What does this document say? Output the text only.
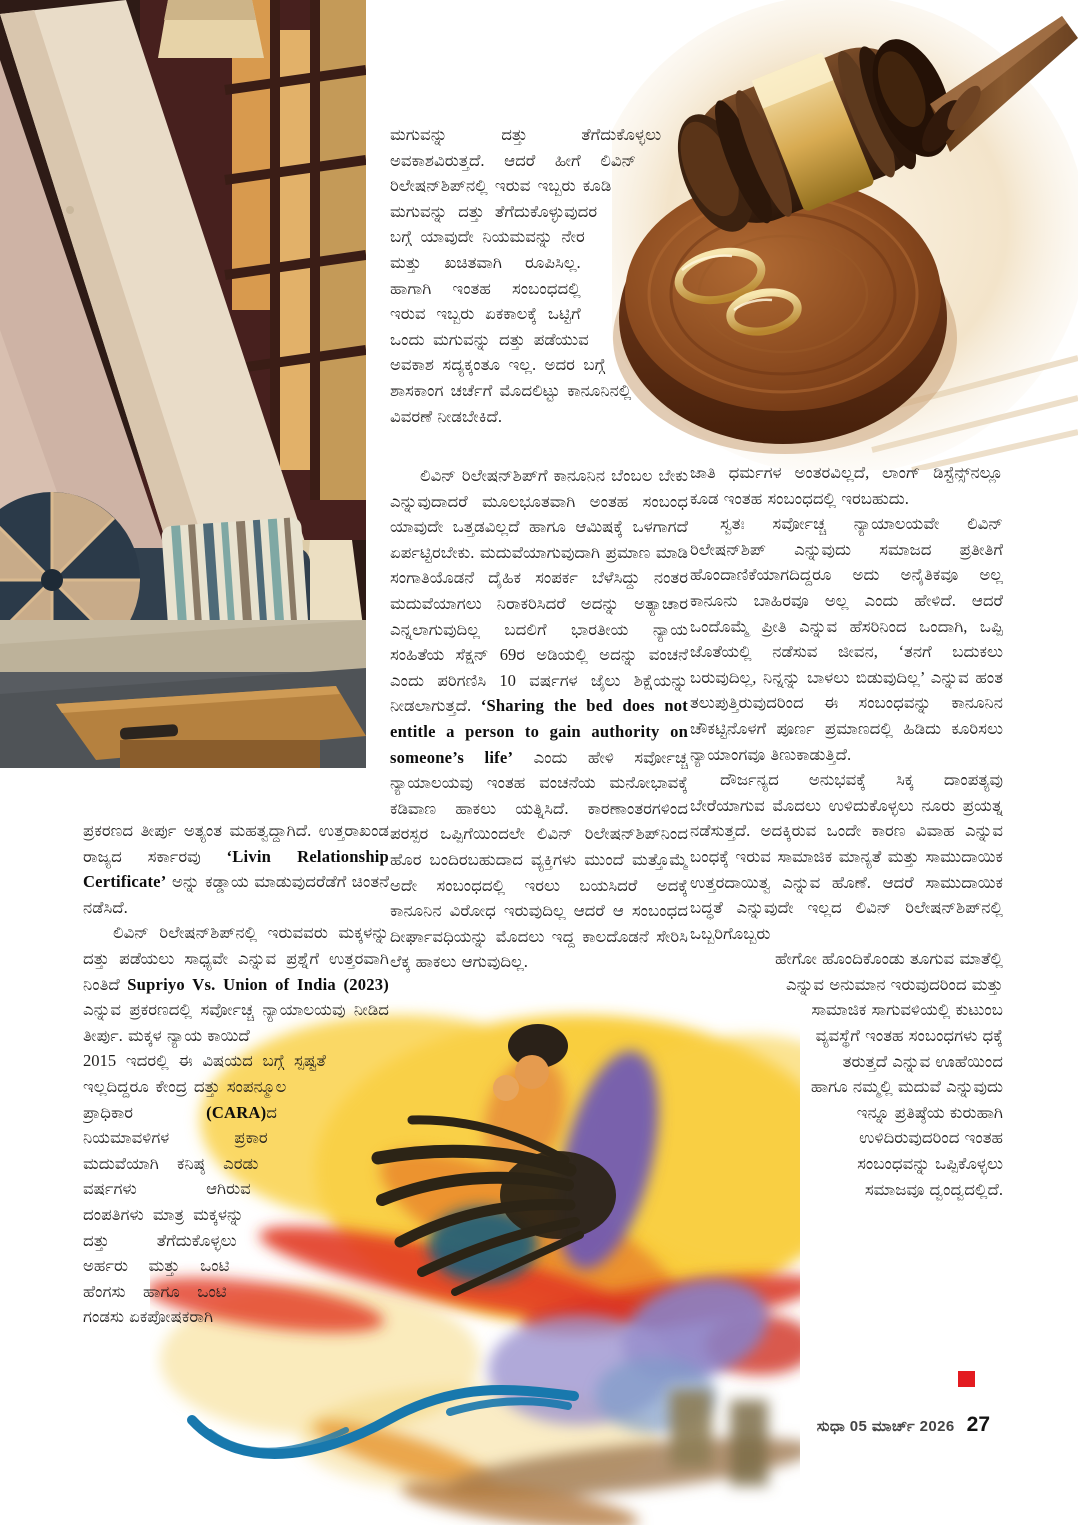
ಮಗುವನ್ನು ದತ್ತು ತೆಗೆದುಕೊಳ್ಳಲು ಅವಕಾಶವಿರುತ್ತದೆ. ಆದರೆ ಹೀಗೆ ಲಿವಿನ್ ರಿಲೇಷನ್‌ಶಿಪ್‌ನಲ್ಲಿ ಇರುವ ಇಬ್ಬರು ಕೂಡಿ ಮಗುವನ್ನು ದತ್ತು ತೆಗೆದುಕೊಳ್ಳುವುದರ ಬಗ್ಗೆ ಯಾವುದೇ ನಿಯಮವನ್ನು ನೇರ ಮತ್ತು ಖಚಿತವಾಗಿ ರೂಪಿಸಿಲ್ಲ. ಹಾಗಾಗಿ ಇಂತಹ ಸಂಬಂಧದಲ್ಲಿ ಇರುವ ಇಬ್ಬರು ಏಕಕಾಲಕ್ಕೆ ಒಟ್ಟಿಗೆ ಒಂದು ಮಗುವನ್ನು ದತ್ತು ಪಡೆಯುವ ಅವಕಾಶ ಸದ್ಯಕ್ಕಂತೂ ಇಲ್ಲ. ಅದರ ಬಗ್ಗೆ ಶಾಸಕಾಂಗ ಚರ್ಚೆಗೆ ಮೊದಲಿಟ್ಟು ಕಾನೂನಿನಲ್ಲಿ ವಿವರಣೆ ನೀಡಬೇಕಿದೆ.

ಲಿವಿನ್ ರಿಲೇಷನ್‌ಶಿಪ್‌ಗೆ ಕಾನೂನಿನ ಬೆಂಬಲ ಬೇಕು ಎನ್ನುವುದಾದರೆ ಮೂಲಭೂತವಾಗಿ ಅಂತಹ ಸಂಬಂಧ ಯಾವುದೇ ಒತ್ತಡವಿಲ್ಲದೆ ಹಾಗೂ ಆಮಿಷಕ್ಕೆ ಒಳಗಾಗದೆ ಏರ್ಪಟ್ಟಿರಬೇಕು. ಮದುವೆಯಾಗುವುದಾಗಿ ಪ್ರಮಾಣ ಮಾಡಿ ಸಂಗಾತಿಯೊಡನೆ ದೈಹಿಕ ಸಂಪರ್ಕ ಬೆಳೆಸಿದ್ದು ನಂತರ ಮದುವೆಯಾಗಲು ನಿರಾಕರಿಸಿದರೆ ಅದನ್ನು ಅತ್ಯಾಚಾರ ಎನ್ನಲಾಗುವುದಿಲ್ಲ ಬದಲಿಗೆ ಭಾರತೀಯ ನ್ಯಾಯ ಸಂಹಿತೆಯ ಸೆಕ್ಷನ್ 69ರ ಅಡಿಯಲ್ಲಿ ಅದನ್ನು ವಂಚನೆ ಎಂದು ಪರಿಗಣಿಸಿ 10 ವರ್ಷಗಳ ಜೈಲು ಶಿಕ್ಷೆಯನ್ನು ನೀಡಲಾಗುತ್ತದೆ. ‘Sharing the bed does not entitle a person to gain authority on someone’s life’ ಎಂದು ಹೇಳಿ ಸರ್ವೋಚ್ಚ ನ್ಯಾಯಾಲಯವು ಇಂತಹ ವಂಚನೆಯ ಮನೋಭಾವಕ್ಕೆ ಕಡಿವಾಣ ಹಾಕಲು ಯತ್ನಿಸಿದೆ. ಕಾರಣಾಂತರಗಳಿಂದ ಪರಸ್ಪರ ಒಪ್ಪಿಗೆಯಿಂದಲೇ ಲಿವಿನ್ ರಿಲೇಷನ್‌ಶಿಪ್‌ನಿಂದ ಹೊರ ಬಂದಿರಬಹುದಾದ ವ್ಯಕ್ತಿಗಳು ಮುಂದೆ ಮತ್ತೊಮ್ಮೆ ಅದೇ ಸಂಬಂಧದಲ್ಲಿ ಇರಲು ಬಯಸಿದರೆ ಅದಕ್ಕೆ ಕಾನೂನಿನ ವಿರೋಧ ಇರುವುದಿಲ್ಲ ಆದರೆ ಆ ಸಂಬಂಧದ ದೀರ್ಘಾವಧಿಯನ್ನು ಮೊದಲು ಇದ್ದ ಕಾಲದೊಡನೆ ಸೇರಿಸಿ ಲೆಕ್ಕ ಹಾಕಲು ಆಗುವುದಿಲ್ಲ.

ಜಾತಿ ಧರ್ಮಗಳ ಅಂತರವಿಲ್ಲದೆ, ಲಾಂಗ್ ಡಿಸ್ಟೆನ್ಸ್‌ನಲ್ಲೂ ಕೂಡ ಇಂತಹ ಸಂಬಂಧದಲ್ಲಿ ಇರಬಹುದು.

ಸ್ವತಃ ಸರ್ವೋಚ್ಚ ನ್ಯಾಯಾಲಯವೇ ಲಿವಿನ್ ರಿಲೇಷನ್‌ಶಿಪ್ ಎನ್ನುವುದು ಸಮಾಜದ ಪ್ರತೀತಿಗೆ ಹೊಂದಾಣಿಕೆಯಾಗದಿದ್ದರೂ ಅದು ಅನೈತಿಕವೂ ಅಲ್ಲ ಕಾನೂನು ಬಾಹಿರವೂ ಅಲ್ಲ ಎಂದು ಹೇಳಿದೆ. ಆದರೆ ಒಂದೊಮ್ಮೆ ಪ್ರೀತಿ ಎನ್ನುವ ಹೆಸರಿನಿಂದ ಒಂದಾಗಿ, ಒಪ್ಪಿ ಜೊತೆಯಲ್ಲಿ ನಡೆಸುವ ಜೀವನ, ‘ತನಗೆ ಬದುಕಲು ಬರುವುದಿಲ್ಲ, ನಿನ್ನನ್ನು ಬಾಳಲು ಬಿಡುವುದಿಲ್ಲ’ ಎನ್ನುವ ಹಂತ ತಲುಪುತ್ತಿರುವುದರಿಂದ ಈ ಸಂಬಂಧವನ್ನು ಕಾನೂನಿನ ಚೌಕಟ್ಟಿನೊಳಗೆ ಪೂರ್ಣ ಪ್ರಮಾಣದಲ್ಲಿ ಹಿಡಿದು ಕೂರಿಸಲು ನ್ಯಾಯಾಂಗವೂ ತಿಣುಕಾಡುತ್ತಿದೆ.

ದೌರ್ಜನ್ಯದ ಅನುಭವಕ್ಕೆ ಸಿಕ್ಕ ದಾಂಪತ್ಯವು ಬೇರೆಯಾಗುವ ಮೊದಲು ಉಳಿದುಕೊಳ್ಳಲು ನೂರು ಪ್ರಯತ್ನ ನಡೆಸುತ್ತದೆ. ಅದಕ್ಕಿರುವ ಒಂದೇ ಕಾರಣ ವಿವಾಹ ಎನ್ನುವ ಬಂಧಕ್ಕೆ ಇರುವ ಸಾಮಾಜಿಕ ಮಾನ್ಯತೆ ಮತ್ತು ಸಾಮುದಾಯಿಕ ಉತ್ತರದಾಯಿತ್ವ ಎನ್ನುವ ಹೊಣೆ. ಆದರೆ ಸಾಮುದಾಯಿಕ ಬದ್ಧತೆ ಎನ್ನುವುದೇ ಇಲ್ಲದ ಲಿವಿನ್ ರಿಲೇಷನ್‌ಶಿಪ್‌ನಲ್ಲಿ ಒಬ್ಬರಿಗೊಬ್ಬರು

ಹೇಗೋ ಹೊಂದಿಕೊಂಡು ತೂಗುವ ಮಾತೆಲ್ಲಿ ಎನ್ನುವ ಅನುಮಾನ ಇರುವುದರಿಂದ ಮತ್ತು ಸಾಮಾಜಿಕ ಸಾಗುವಳಿಯಲ್ಲಿ ಕುಟುಂಬ ವ್ಯವಸ್ಥೆಗೆ ಇಂತಹ ಸಂಬಂಧಗಳು ಧಕ್ಕೆ ತರುತ್ತದೆ ಎನ್ನುವ ಊಹೆಯಿಂದ ಹಾಗೂ ನಮ್ಮಲ್ಲಿ ಮದುವೆ ಎನ್ನುವುದು ಇನ್ನೂ ಪ್ರತಿಷ್ಠೆಯ ಕುರುಹಾಗಿ ಉಳಿದಿರುವುದರಿಂದ ಇಂತಹ ಸಂಬಂಧವನ್ನು ಒಪ್ಪಿಕೊಳ್ಳಲು ಸಮಾಜವೂ ದ್ವಂದ್ವದಲ್ಲಿದೆ.

ಪ್ರಕರಣದ ತೀರ್ಪು ಅತ್ಯಂತ ಮಹತ್ವದ್ದಾಗಿದೆ. ಉತ್ತರಾಖಂಡ ರಾಜ್ಯದ ಸರ್ಕಾರವು ‘Livin Relationship Certificate’ ಅನ್ನು ಕಡ್ಡಾಯ ಮಾಡುವುದರೆಡೆಗೆ ಚಿಂತನೆ ನಡೆಸಿದೆ.

ಲಿವಿನ್ ರಿಲೇಷನ್‌ಶಿಪ್‌ನಲ್ಲಿ ಇರುವವರು ಮಕ್ಕಳನ್ನು ದತ್ತು ಪಡೆಯಲು ಸಾಧ್ಯವೇ ಎನ್ನುವ ಪ್ರಶ್ನೆಗೆ ಉತ್ತರವಾಗಿ ನಿಂತಿದೆ Supriyo Vs. Union of India (2023) ಎನ್ನುವ ಪ್ರಕರಣದಲ್ಲಿ ಸರ್ವೋಚ್ಚ ನ್ಯಾಯಾಲಯವು ನೀಡಿದ ತೀರ್ಪು. ಮಕ್ಕಳ ನ್ಯಾಯ ಕಾಯಿದೆ

2015 ಇದರಲ್ಲಿ ಈ ವಿಷಯದ ಬಗ್ಗೆ ಸ್ಪಷ್ಟತೆ ಇಲ್ಲದಿದ್ದರೂ ಕೇಂದ್ರ ದತ್ತು ಸಂಪನ್ಮೂಲ ಪ್ರಾಧಿಕಾರ (CARA)ದ ನಿಯಮಾವಳಿಗಳ ಪ್ರಕಾರ ಮದುವೆಯಾಗಿ ಕನಿಷ್ಠ ಎರಡು ವರ್ಷಗಳು ಆಗಿರುವ ದಂಪತಿಗಳು ಮಾತ್ರ ಮಕ್ಕಳನ್ನು ದತ್ತು ತೆಗೆದುಕೊಳ್ಳಲು ಅರ್ಹರು ಮತ್ತು ಒಂಟಿ ಹೆಂಗಸು ಹಾಗೂ ಒಂಟಿ ಗಂಡಸು ಏಕಪೋಷಕರಾಗಿ
ಸುಧಾ 05 ಮಾರ್ಚ್ 2026 27
